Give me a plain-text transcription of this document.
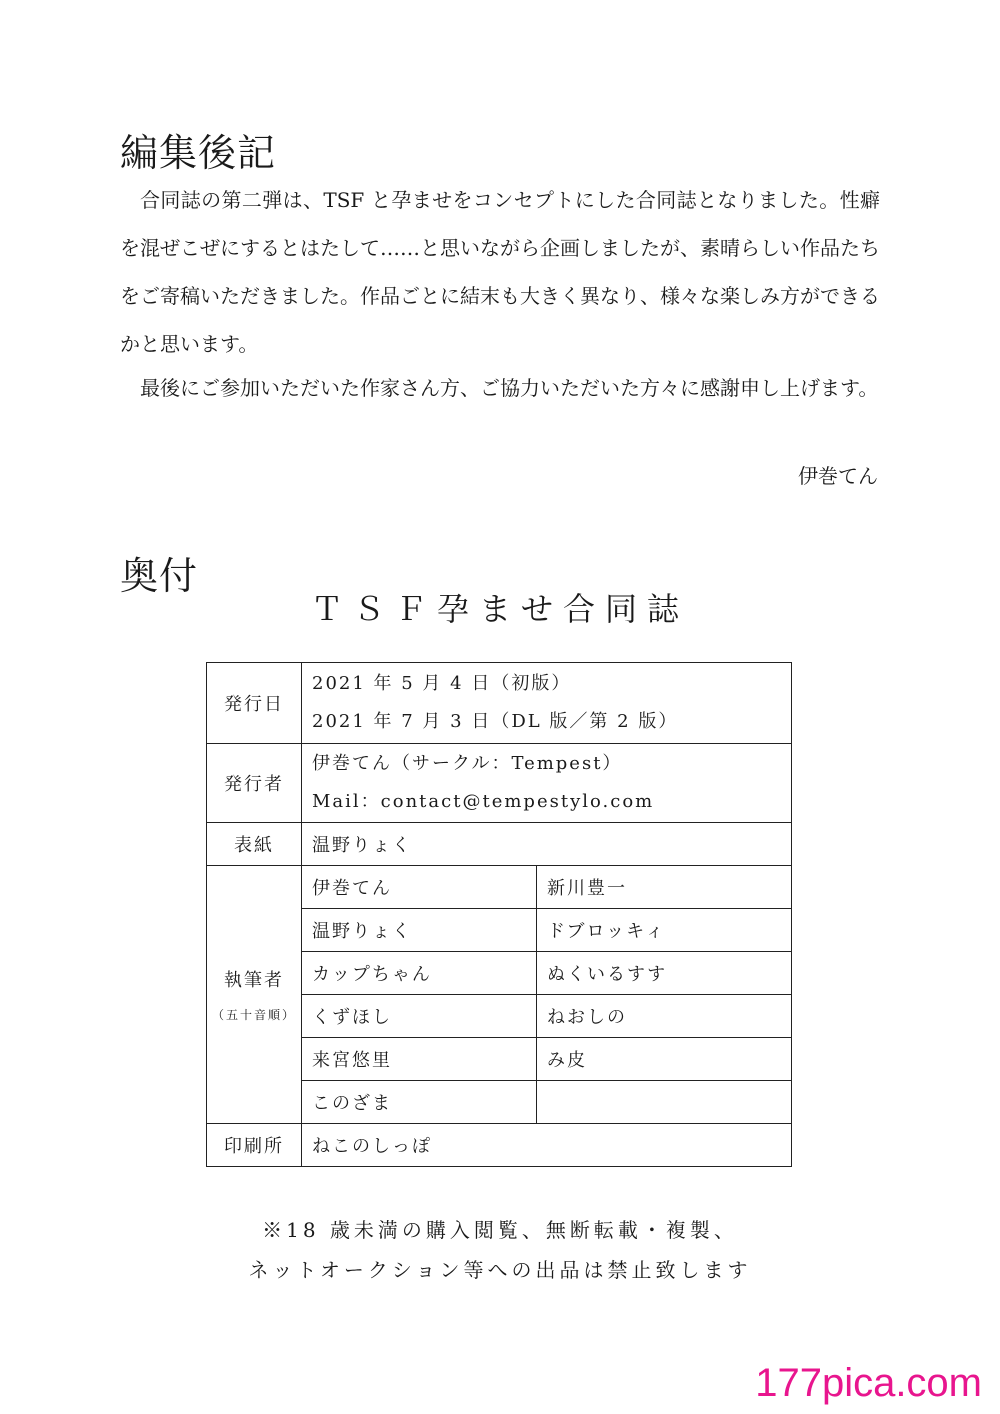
編集後記

合同誌の第二弾は、TSF と孕ませをコンセプトにした合同誌となりました。性癖を混ぜこぜにするとはたして……と思いながら企画しましたが、素晴らしい作品たちをご寄稿いただきました。作品ごとに結末も大きく異なり、様々な楽しみ方ができるかと思います。

最後にご参加いただいた作家さん方、ご協力いただいた方々に感謝申し上げます。

伊巻てん

奥付

ＴＳＦ孕ませ合同誌

発行日	2021 年 5 月 4 日（初版）
2021 年 7 月 3 日（DL 版／第 2 版）	

発行者	伊巻てん（サークル：Tempest）
Mail：contact@tempestylo.com	

表紙	温野りょく	
執筆者
（五十音順）	伊巻てん	新川豊一
	温野りょく	ドブロッキィ
	カップちゃん	ぬくいるすす
	くずほし	ねおしの
	来宮悠里	み皮
	このざま	
印刷所	ねこのしっぽ	
※18 歳未満の購入閲覧、無断転載・複製、
ネットオークション等への出品は禁止致します
177pica.com
